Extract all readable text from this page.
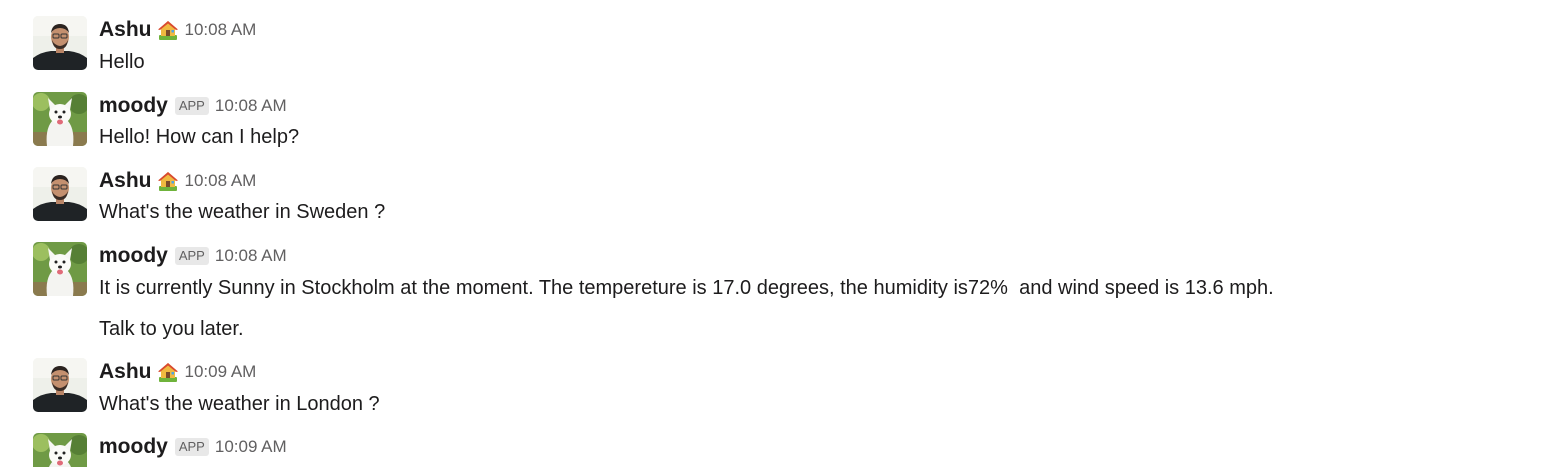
Ashu 10:08 AM
Hello
moody APP 10:08 AM
Hello! How can I help?
Ashu 10:08 AM
What's the weather in Sweden ?
moody APP 10:08 AM
It is currently Sunny in Stockholm at the moment. The tempereture is 17.0 degrees, the humidity is72%  and wind speed is 13.6 mph.
Talk to you later.
Ashu 10:09 AM
What's the weather in London ?
moody APP 10:09 AM
